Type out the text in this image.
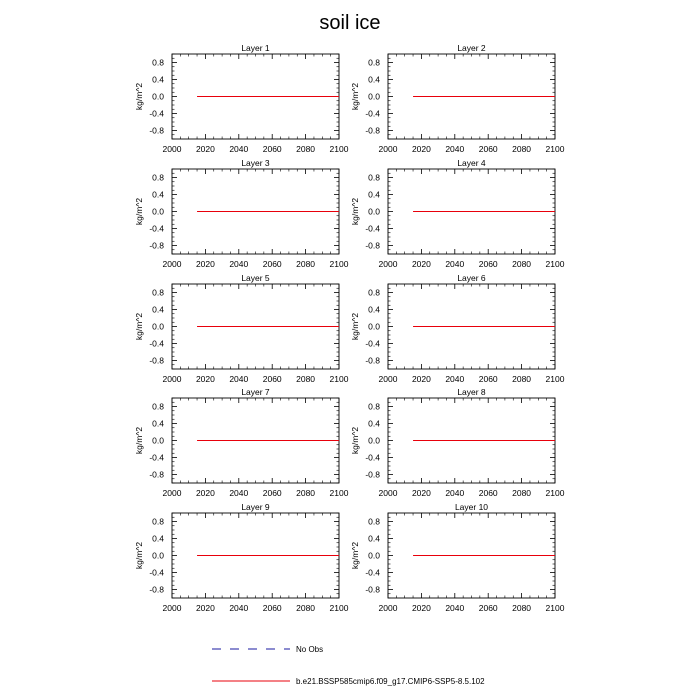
soil ice
Layer 1
kg/m^2
2000 2020 2040 2060 2080 2100
-0.8
-0.4
0.0
0.4
0.8
Layer 2
kg/m^2
2000 2020 2040 2060 2080 2100
-0.8
-0.4
0.0
0.4
0.8
Layer 3
kg/m^2
2000 2020 2040 2060 2080 2100
-0.8
-0.4
0.0
0.4
0.8
Layer 4
kg/m^2
2000 2020 2040 2060 2080 2100
-0.8
-0.4
0.0
0.4
0.8
Layer 5
kg/m^2
2000 2020 2040 2060 2080 2100
-0.8
-0.4
0.0
0.4
0.8
Layer 6
kg/m^2
2000 2020 2040 2060 2080 2100
-0.8
-0.4
0.0
0.4
0.8
Layer 7
kg/m^2
2000 2020 2040 2060 2080 2100
-0.8
-0.4
0.0
0.4
0.8
Layer 8
kg/m^2
2000 2020 2040 2060 2080 2100
-0.8
-0.4
0.0
0.4
0.8
Layer 9
kg/m^2
2000 2020 2040 2060 2080 2100
-0.8
-0.4
0.0
0.4
0.8
Layer 10
kg/m^2
2000 2020 2040 2060 2080 2100
-0.8
-0.4
0.0
0.4
0.8
No Obs
b.e21.BSSP585cmip6.f09_g17.CMIP6-SSP5-8.5.102
